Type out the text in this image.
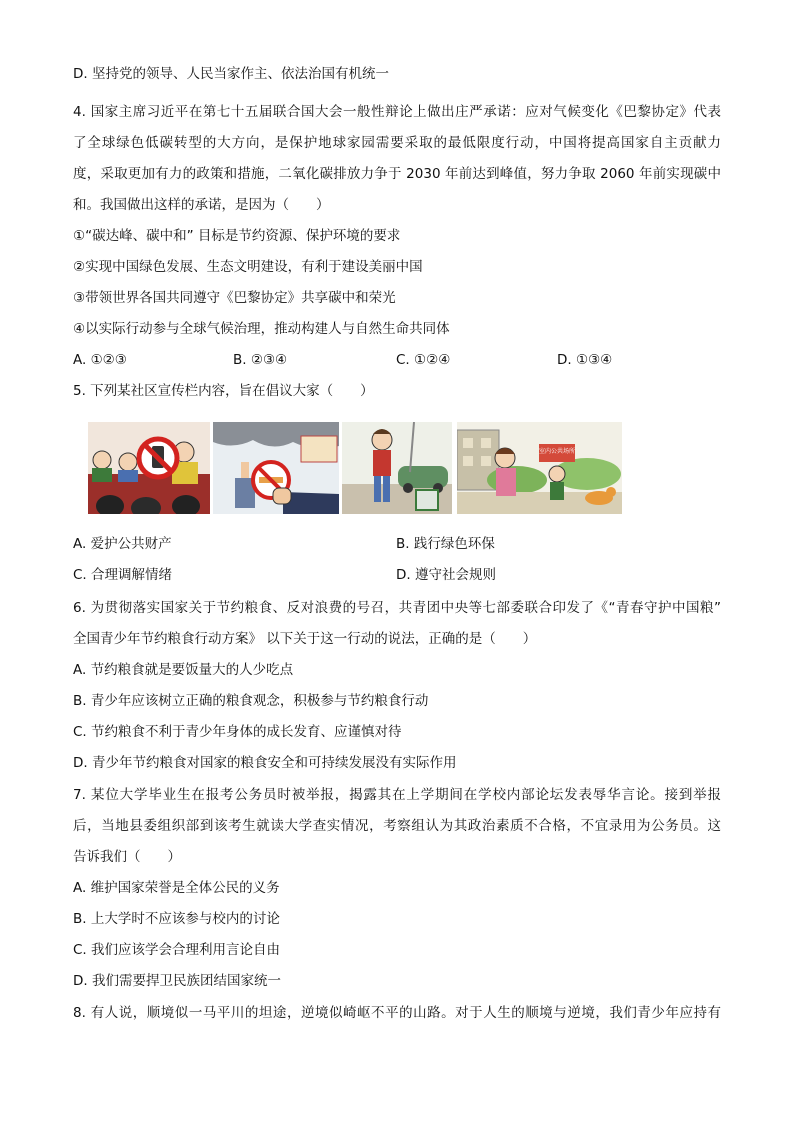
D. 坚持党的领导、人民当家作主、依法治国有机统一
4. 国家主席习近平在第七十五届联合国大会一般性辩论上做出庄严承诺：应对气候变化《巴黎协定》代表
了全球绿色低碳转型的大方向，是保护地球家园需要采取的最低限度行动，中国将提高国家自主贡献力
度，采取更加有力的政策和措施，二氧化碳排放力争于 2030 年前达到峰值，努力争取 2060 年前实现碳中
和。我国做出这样的承诺，是因为（　　）
①“碳达峰、碳中和” 目标是节约资源、保护环境的要求
②实现中国绿色发展、生态文明建设，有利于建设美丽中国
③带领世界各国共同遵守《巴黎协定》共享碳中和荣光
④以实际行动参与全球气候治理，推动构建人与自然生命共同体
A. ①②③	B. ②③④	C. ①②④	D. ①③④
5. 下列某社区宣传栏内容，旨在倡议大家（　　）
室内公共场所
A. 爱护公共财产	B. 践行绿色环保
C. 合理调解情绪	D. 遵守社会规则
6. 为贯彻落实国家关于节约粮食、反对浪费的号召，共青团中央等七部委联合印发了《“青春守护中国粮”
全国青少年节约粮食行动方案》 以下关于这一行动的说法，正确的是（　　）
A. 节约粮食就是要饭量大的人少吃点
B. 青少年应该树立正确的粮食观念，积极参与节约粮食行动
C. 节约粮食不利于青少年身体的成长发育、应谨慎对待
D. 青少年节约粮食对国家的粮食安全和可持续发展没有实际作用
7. 某位大学毕业生在报考公务员时被举报，揭露其在上学期间在学校内部论坛发表辱华言论。接到举报
后，当地县委组织部到该考生就读大学查实情况，考察组认为其政治素质不合格，不宜录用为公务员。这
告诉我们（　　）
A. 维护国家荣誉是全体公民的义务
B. 上大学时不应该参与校内的讨论
C. 我们应该学会合理利用言论自由
D. 我们需要捍卫民族团结国家统一
8. 有人说，顺境似一马平川的坦途，逆境似崎岖不平的山路。对于人生的顺境与逆境，我们青少年应持有
